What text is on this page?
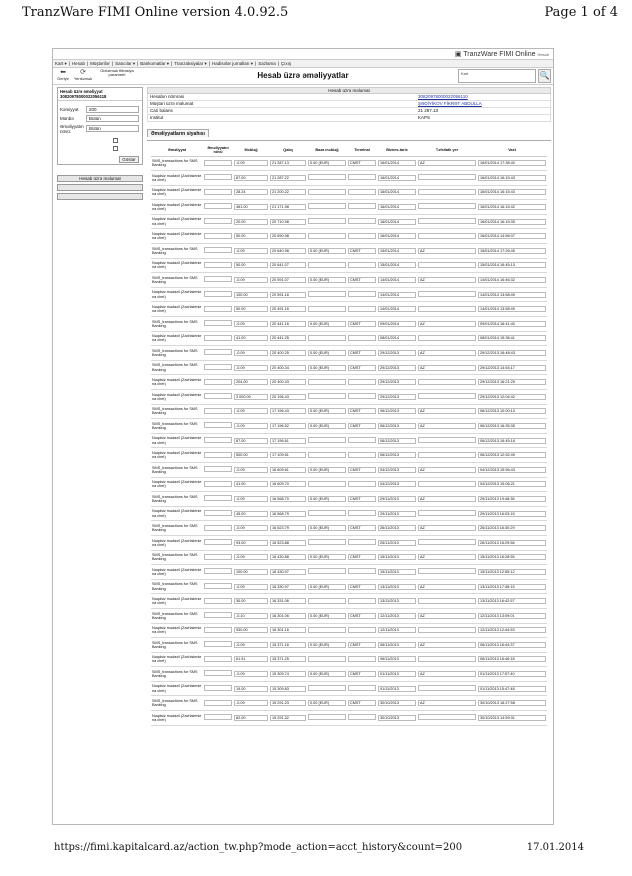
TranzWare FIMI Online version 4.0.92.5	Page 1 of 4
▣ TranzWare FIMI Online Hesab
Kart ▾ | Hesab | Müştərilər | Satıcılar ▾ | Bankomatlar ▾ | Tranzaksiyalar ▾ | Hadisələr jurnalları ▾ | Sazlama | Çıxış
⬅
Geriye
⟳
Yeniləmək
Gizlətmək filtrasiya parametri	Hesab üzrə əməliyyatlar	Kart	🔍
Hesab üzrə əməliyyat
30820978000022056118
Kəmiyyət	200
Mənbə	Bütün
Əməliyyatın növü:
Bütün
Göstər
Hesab üzrə məlumat
Hesab üzrə məlumat
Hesabın nömrəsi	30820978000022056110
Müştəri üzrə məlumat	ŞƏDİYİKOV FİKRƏT ABDULLA
Cari balans	21 287.13
Institut	KAPS
Əməliyyatların siyahısı
Əməliyyat	Əməliyyatın növü	Məbləğ	Qalıq	Baza məbləğ	Terminal	Biznes-tarix	Təfsilatlı yer	Vaxt
SMS_transactions for SMS Banking		-0.09	21 287.13	0.00 (EUR)	CMST	16/01/2014	AZ	16/01/2014 17:38:40
Nəqdsiz mədaxil (Zachislenie na chet)		87.00	21 287.22			16/01/2014		16/01/2014 16:15:43
Nəqdsiz mədaxil (Zachislenie na chet)		28.24	21 200.22			16/01/2014		16/01/2014 16:15:43
Nəqdsiz mədaxil (Zachislenie na chet)		461.00	21 171.98			16/01/2014		16/01/2014 16:15:42
Nəqdsiz mədaxil (Zachislenie na chet)		20.00	20 710.98			16/01/2014		16/01/2014 16:15:35
Nəqdsiz mədaxil (Zachislenie na chet)		50.00	20 690.98			16/01/2014		16/01/2014 14:56:07
SMS_transactions for SMS Banking		-0.09	20 640.98	0.00 (EUR)	CMST	15/01/2014	AZ	15/01/2014 17:26:45
Nəqdsiz mədaxil (Zachislenie na chet)		50.00	20 641.07			15/01/2014		15/01/2014 16:45:13
SMS_transactions for SMS Banking		-0.09	20 591.07	0.00 (EUR)	CMST	14/01/2014	AZ	14/01/2014 16:46:32
Nəqdsiz mədaxil (Zachislenie na chet)		100.00	20 591.16			14/01/2014		14/01/2014 13:58:49
Nəqdsiz mədaxil (Zachislenie na chet)		50.00	20 491.16			14/01/2014		14/01/2014 13:58:49
SMS_transactions for SMS Banking		-0.09	20 441.16	0.00 (EUR)	CMST	09/01/2014	AZ	09/01/2014 16:41:40
Nəqdsiz mədaxil (Zachislenie na chet)		41.00	20 441.25			08/01/2014		08/01/2014 15:36:41
SMS_transactions for SMS Banking		-0.09	20 400.25	0.00 (EUR)	CMST	29/12/2013	AZ	29/12/2013 16:48:43
SMS_transactions for SMS Banking		-0.09	20 400.34	0.00 (EUR)	CMST	29/12/2013	AZ	29/12/2013 14:54:17
Nəqdsiz mədaxil (Zachislenie na chet)		204.00	20 400.43			29/12/2013		29/12/2013 16:21:25
Nəqdsiz mədaxil (Zachislenie na chet)		3 000.00	20 196.43			29/12/2013		29/12/2013 12:04:42
SMS_transactions for SMS Banking		-0.09	17 196.43	0.00 (EUR)	CMST	06/12/2013	AZ	06/12/2013 10:00:13
SMS_transactions for SMS Banking		-0.09	17 196.52	0.00 (EUR)	CMST	06/12/2013	AZ	06/12/2013 16:35:35
Nəqdsiz mədaxil (Zachislenie na chet)		87.00	17 196.61			06/12/2013		06/12/2013 16:45:16
Nəqdsiz mədaxil (Zachislenie na chet)		500.00	17 109.61			06/12/2013		06/12/2013 12:52:49
SMS_transactions for SMS Banking		-0.09	16 609.61	0.00 (EUR)	CMST	04/12/2013	AZ	04/12/2013 15:56:43
Nəqdsiz mədaxil (Zachislenie na chet)		41.00	16 609.70			04/12/2013		04/12/2013 15:06:21
SMS_transactions for SMS Banking		-0.09	16 568.70	0.00 (EUR)	CMST	29/11/2013	AZ	29/11/2013 19:48:36
Nəqdsiz mədaxil (Zachislenie na chet)		45.00	16 568.79			29/11/2013		29/11/2013 16:03:15
SMS_transactions for SMS Banking		-0.09	16 523.79	0.00 (EUR)	CMST	26/11/2013	AZ	26/11/2013 16:30:29
Nəqdsiz mədaxil (Zachislenie na chet)		93.00	16 523.88			26/11/2013		26/11/2013 16:29:56
SMS_transactions for SMS Banking		-0.09	16 430.88	0.00 (EUR)	CMST	15/11/2013	AZ	15/11/2013 16:28:55
Nəqdsiz mədaxil (Zachislenie na chet)		100.00	16 430.97			15/11/2013		15/11/2013 12:55:12
SMS_transactions for SMS Banking		-0.09	16 330.97	0.00 (EUR)	CMST	13/11/2013	AZ	13/11/2013 17:38:15
Nəqdsiz mədaxil (Zachislenie na chet)		30.00	16 331.06			13/11/2013		13/11/2013 16:42:57
SMS_transactions for SMS Banking		-0.10	16 301.06	0.00 (EUR)	CMST	12/11/2013	AZ	12/11/2013 13:09:01
Nəqdsiz mədaxil (Zachislenie na chet)		930.00	16 301.16			12/11/2013		12/11/2013 12:44:53
SMS_transactions for SMS Banking		-0.09	15 371.16	0.00 (EUR)	CMST	06/11/2013	AZ	06/11/2013 16:44:37
Nəqdsiz mədaxil (Zachislenie na chet)		61.51	15 371.25			06/11/2013		06/11/2013 16:46:18
SMS_transactions for SMS Banking		-0.09	15 309.74	0.00 (EUR)	CMST	01/11/2013	AZ	01/11/2013 17:57:40
Nəqdsiz mədaxil (Zachislenie na chet)		19.00	15 309.83			01/11/2013		01/11/2013 15:47:48
SMS_transactions for SMS Banking		-0.09	15 291.23	0.00 (EUR)	CMST	30/10/2013	AZ	30/10/2013 16:27:58
Nəqdsiz mədaxil (Zachislenie na chet)		82.00	15 291.32			30/10/2013		30/10/2013 14:59:31
https://fimi.kapitalcard.az/action_tw.php?mode_action=acct_history&count=200	17.01.2014
